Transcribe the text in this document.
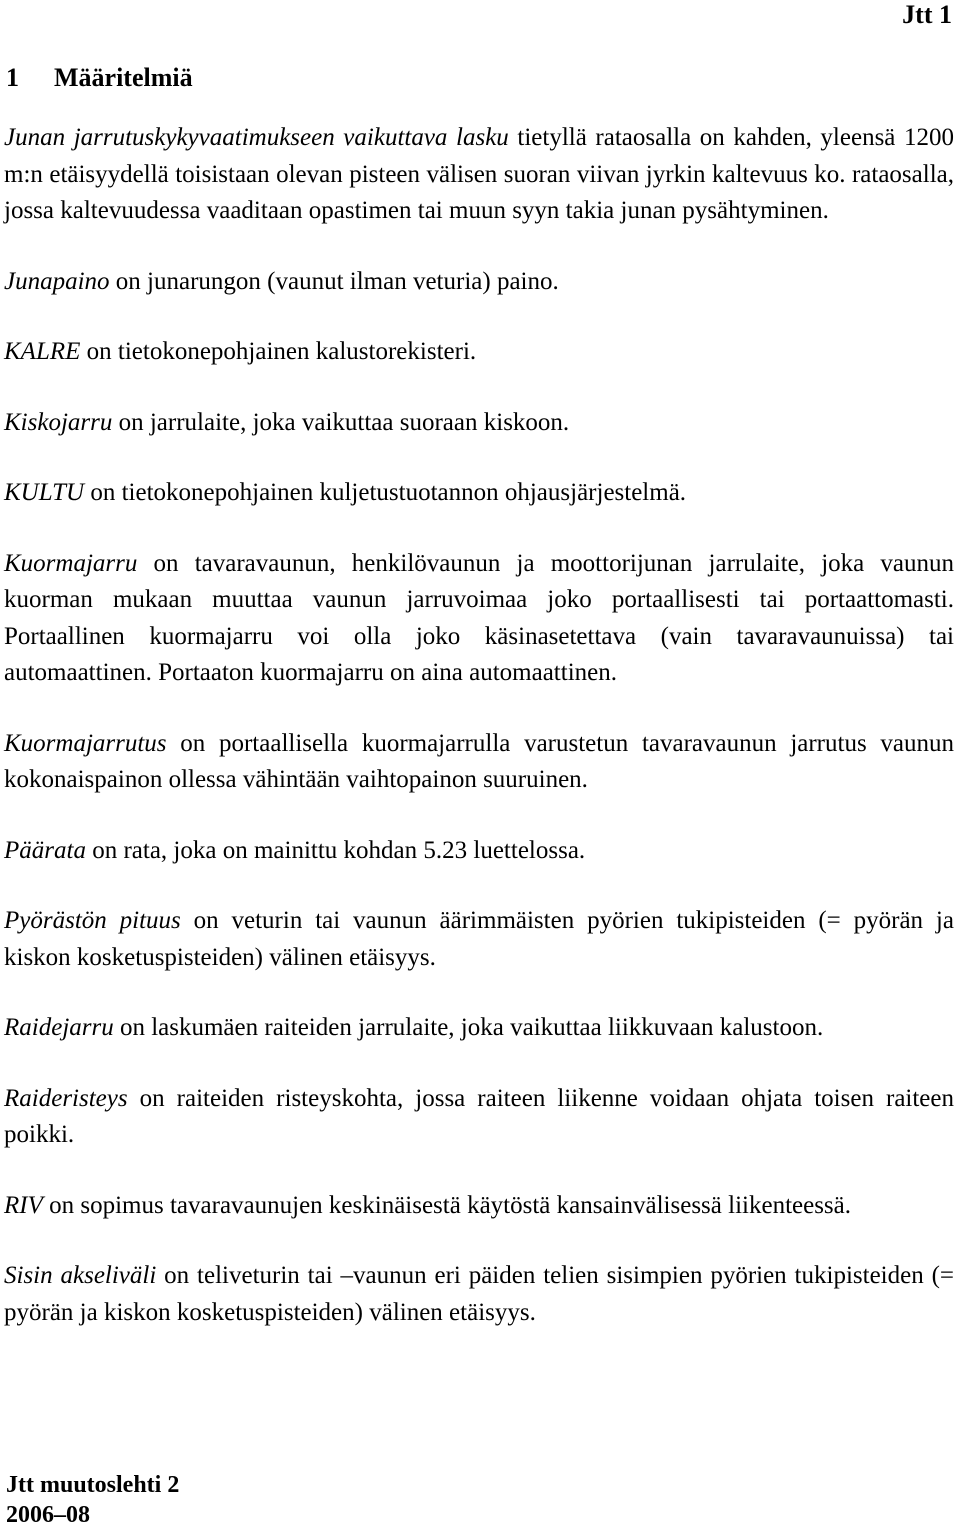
Jtt 1
1 Määritelmiä

Junan jarrutuskykyvaatimukseen vaikuttava lasku tietyllä rataosalla on kahden, yleensä 1200 m:n etäisyydellä toisistaan olevan pisteen välisen suoran viivan jyrkin kaltevuus ko. rataosalla, jossa kaltevuudessa vaaditaan opastimen tai muun syyn takia junan pysähtyminen.

Junapaino on junarungon (vaunut ilman veturia) paino.

KALRE on tietokonepohjainen kalustorekisteri.

Kiskojarru on jarrulaite, joka vaikuttaa suoraan kiskoon.

KULTU on tietokonepohjainen kuljetustuotannon ohjausjärjestelmä.

Kuormajarru on tavaravaunun, henkilövaunun ja moottorijunan jarrulaite, joka vaunun kuorman mukaan muuttaa vaunun jarruvoimaa joko portaallisesti tai portaattomasti. Portaallinen kuormajarru voi olla joko käsinasetettava (vain tavaravaunuissa) tai automaattinen. Portaaton kuormajarru on aina automaattinen.

Kuormajarrutus on portaallisella kuormajarrulla varustetun tavaravaunun jarrutus vaunun kokonaispainon ollessa vähintään vaihtopainon suuruinen.

Päärata on rata, joka on mainittu kohdan 5.23 luettelossa.

Pyörästön pituus on veturin tai vaunun äärimmäisten pyörien tukipisteiden (= pyörän ja kiskon kosketuspisteiden) välinen etäisyys.

Raidejarru on laskumäen raiteiden jarrulaite, joka vaikuttaa liikkuvaan kalustoon.

Raideristeys on raiteiden risteyskohta, jossa raiteen liikenne voidaan ohjata toisen raiteen poikki.

RIV on sopimus tavaravaunujen keskinäisestä käytöstä kansainvälisessä liikenteessä.

Sisin akseliväli on teliveturin tai –vaunun eri päiden telien sisimpien pyörien tukipisteiden (= pyörän ja kiskon kosketuspisteiden) välinen etäisyys.

Jtt muutoslehti 2
2006–08
